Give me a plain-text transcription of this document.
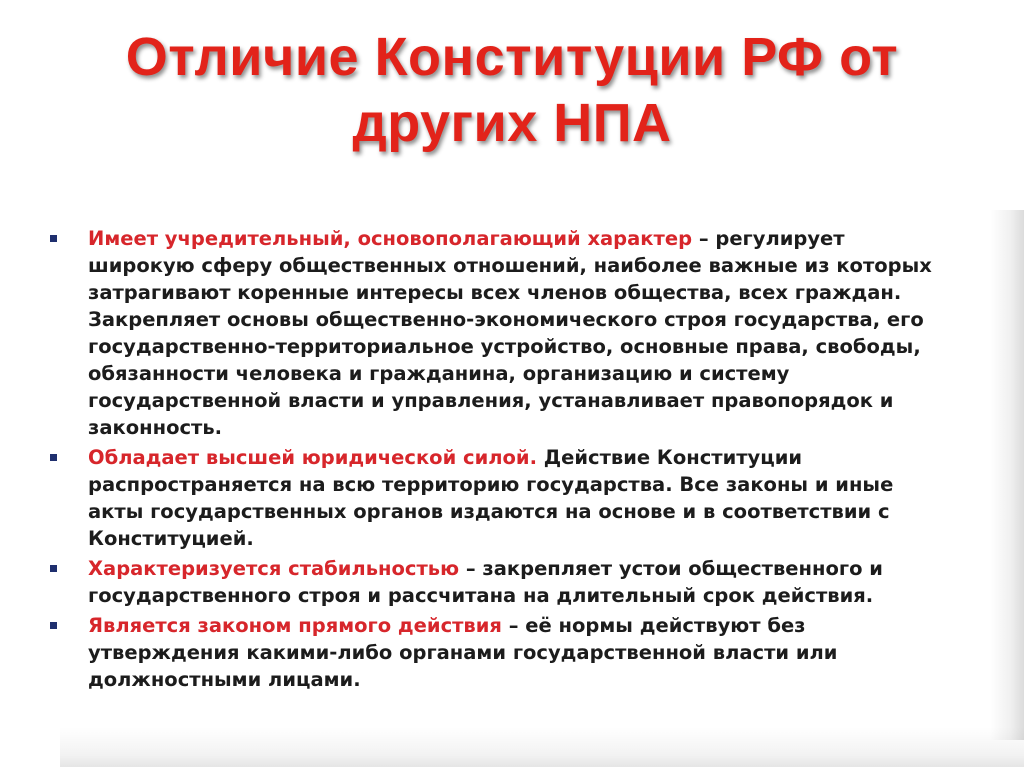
Отличие Конституции РФ от других НПА
Имеет учредительный, основополагающий характер – регулирует широкую сферу общественных отношений, наиболее важные из которых затрагивают коренные интересы всех членов общества, всех граждан. Закрепляет основы общественно-экономического строя государства, его государственно-территориальное устройство, основные права, свободы, обязанности человека и гражданина, организацию и систему государственной власти и управления, устанавливает правопорядок и законность.
Обладает высшей юридической силой. Действие Конституции распространяется на всю территорию государства. Все законы и иные акты государственных органов издаются на основе и в соответствии с Конституцией.
Характеризуется стабильностью – закрепляет устои общественного и государственного строя и рассчитана на длительный срок действия.
Является законом прямого действия – её нормы действуют без утверждения какими-либо органами государственной власти или должностными лицами.
